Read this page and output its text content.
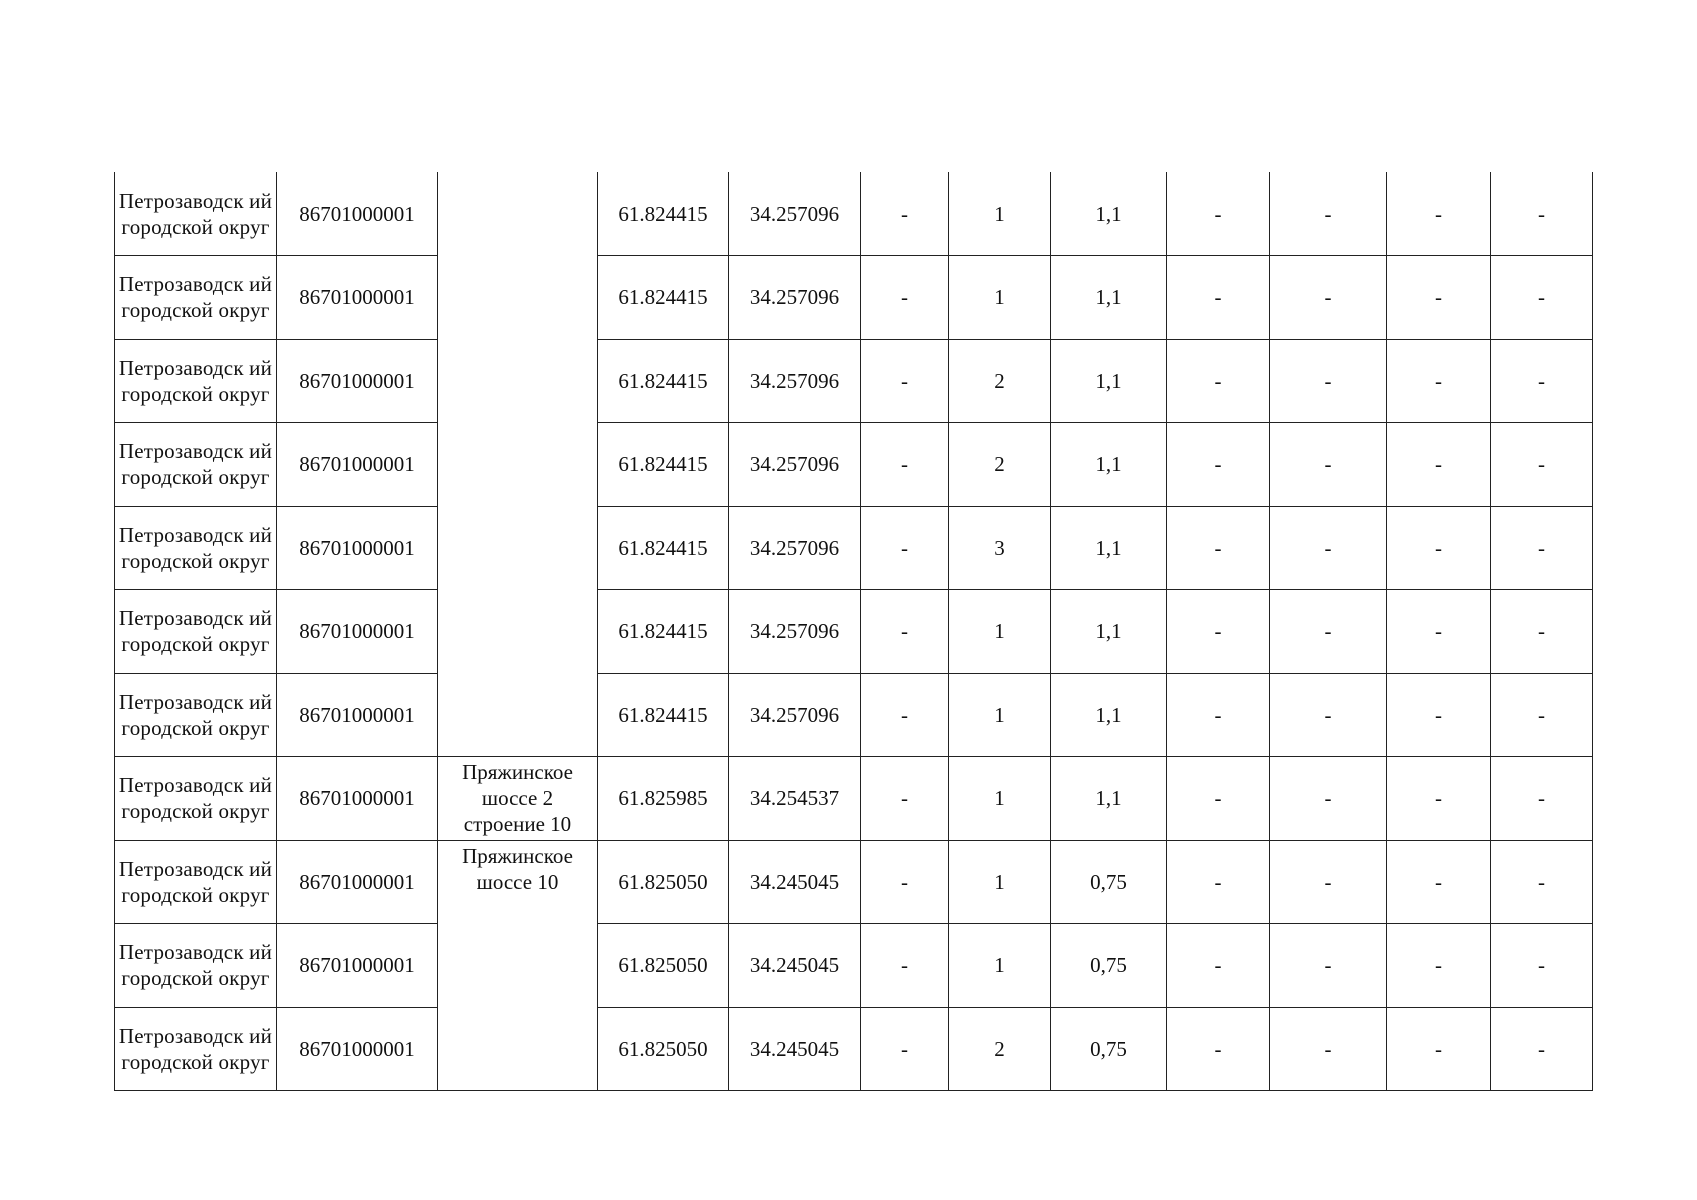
Петрозаводск ий городской округ	86701000001		61.824415	34.257096	-	1	1,1	-	-	-	-
Петрозаводск ий городской округ	86701000001		61.824415	34.257096	-	1	1,1	-	-	-	-
Петрозаводск ий городской округ	86701000001		61.824415	34.257096	-	2	1,1	-	-	-	-
Петрозаводск ий городской округ	86701000001		61.824415	34.257096	-	2	1,1	-	-	-	-
Петрозаводск ий городской округ	86701000001		61.824415	34.257096	-	3	1,1	-	-	-	-
Петрозаводск ий городской округ	86701000001		61.824415	34.257096	-	1	1,1	-	-	-	-
Петрозаводск ий городской округ	86701000001		61.824415	34.257096	-	1	1,1	-	-	-	-
Петрозаводск ий городской округ	86701000001	Пряжинское шоссе 2 строение 10	61.825985	34.254537	-	1	1,1	-	-	-	-
Петрозаводск ий городской округ	86701000001	Пряжинское шоссе 10	61.825050	34.245045	-	1	0,75	-	-	-	-
Петрозаводск ий городской округ	86701000001		61.825050	34.245045	-	1	0,75	-	-	-	-
Петрозаводск ий городской округ	86701000001		61.825050	34.245045	-	2	0,75	-	-	-	-
